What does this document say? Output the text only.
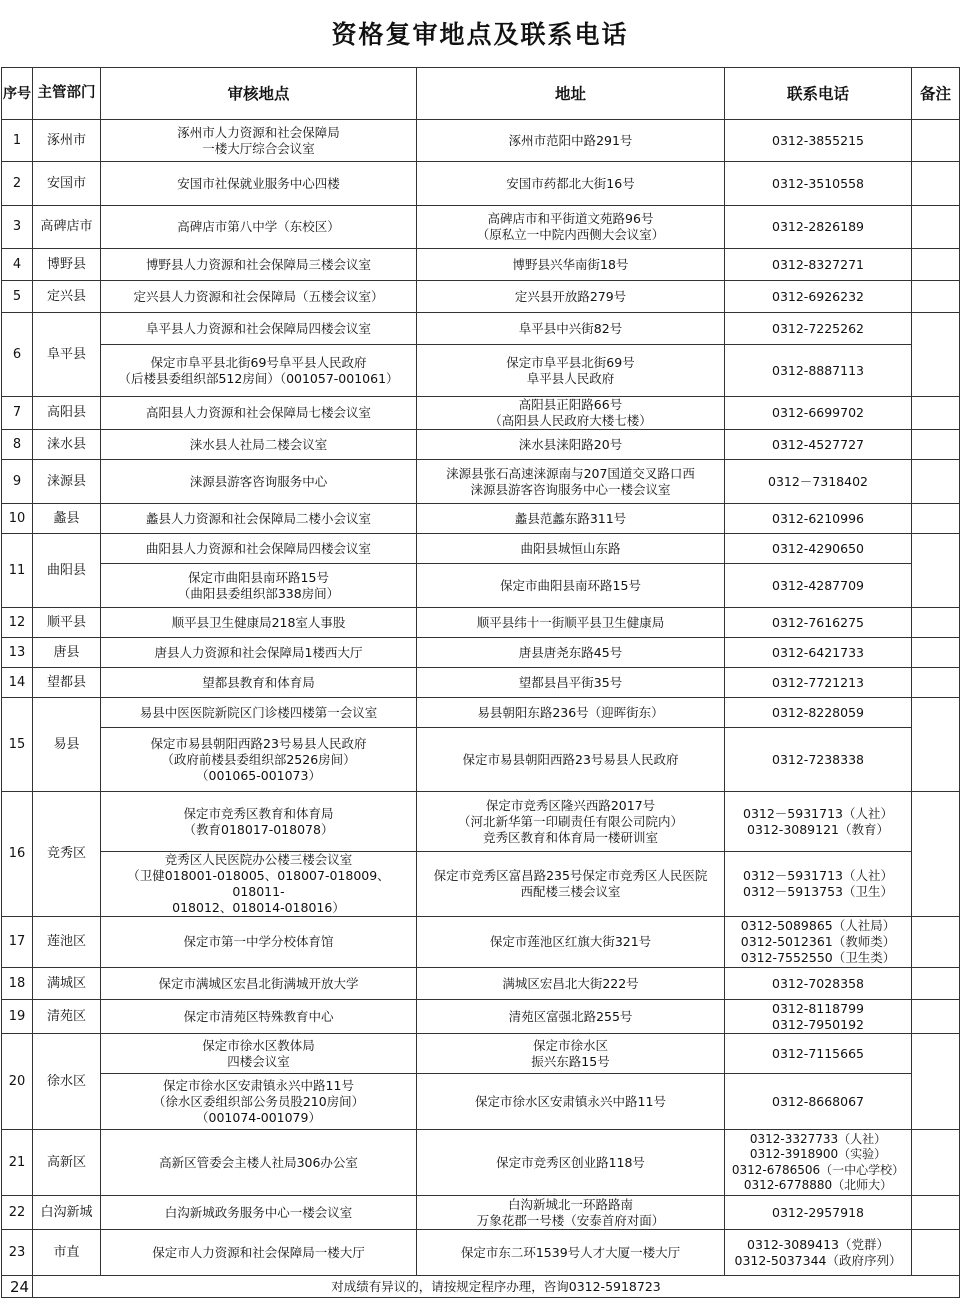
资格复审地点及联系电话
序号	主管部门	审核地点	地址	联系电话	备注
1	涿州市	涿州市人力资源和社会保障局
一楼大厅综合会议室	涿州市范阳中路291号	0312-3855215	
2	安国市	安国市社保就业服务中心四楼	安国市药都北大街16号	0312-3510558	
3	高碑店市	高碑店市第八中学（东校区）	高碑店市和平街道文苑路96号
（原私立一中院内西侧大会议室）	0312-2826189	
4	博野县	博野县人力资源和社会保障局三楼会议室	博野县兴华南街18号	0312-8327271	
5	定兴县	定兴县人力资源和社会保障局（五楼会议室）	定兴县开放路279号	0312-6926232	
6	阜平县	阜平县人力资源和社会保障局四楼会议室	阜平县中兴街82号	0312-7225262	
		保定市阜平县北街69号阜平县人民政府
（后楼县委组织部512房间）（001057-001061）	保定市阜平县北街69号
阜平县人民政府	0312-8887113	
7	高阳县	高阳县人力资源和社会保障局七楼会议室	高阳县正阳路66号
（高阳县人民政府大楼七楼）	0312-6699702	
8	涞水县	涞水县人社局二楼会议室	涞水县涞阳路20号	0312-4527727	
9	涞源县	涞源县游客咨询服务中心	涞源县张石高速涞源南与207国道交叉路口西
涞源县游客咨询服务中心一楼会议室	0312－7318402	
10	蠡县	蠡县人力资源和社会保障局二楼小会议室	蠡县范蠡东路311号	0312-6210996	
11	曲阳县	曲阳县人力资源和社会保障局四楼会议室	曲阳县城恒山东路	0312-4290650	
		保定市曲阳县南环路15号
（曲阳县委组织部338房间）	保定市曲阳县南环路15号	0312-4287709	
12	顺平县	顺平县卫生健康局218室人事股	顺平县纬十一街顺平县卫生健康局	0312-7616275	
13	唐县	唐县人力资源和社会保障局1楼西大厅	唐县唐尧东路45号	0312-6421733	
14	望都县	望都县教育和体育局	望都县昌平街35号	0312-7721213	
15	易县	易县中医医院新院区门诊楼四楼第一会议室	易县朝阳东路236号（迎晖街东）	0312-8228059	
		保定市易县朝阳西路23号易县人民政府
（政府前楼县委组织部2526房间）
（001065-001073）	保定市易县朝阳西路23号易县人民政府	0312-7238338	
16	竞秀区	保定市竞秀区教育和体育局
（教育018017-018078）	保定市竞秀区隆兴西路2017号
（河北新华第一印刷责任有限公司院内）
竞秀区教育和体育局一楼研训室	0312－5931713（人社）
0312-3089121（教育）	
		竞秀区人民医院办公楼三楼会议室
（卫健018001-018005、018007-018009、018011-
018012、018014-018016）	保定市竞秀区富昌路235号保定市竞秀区人民医院
西配楼三楼会议室	0312－5931713（人社）
0312－5913753（卫生）	
17	莲池区	保定市第一中学分校体育馆	保定市莲池区红旗大街321号	0312-5089865（人社局）
0312-5012361（教师类）
0312-7552550（卫生类）	
18	满城区	保定市满城区宏昌北街满城开放大学	满城区宏昌北大街222号	0312-7028358	
19	清苑区	保定市清苑区特殊教育中心	清苑区富强北路255号	0312-8118799
0312-7950192	
20	徐水区	保定市徐水区教体局
四楼会议室	保定市徐水区
振兴东路15号	0312-7115665	
		保定市徐水区安肃镇永兴中路11号
（徐水区委组织部公务员股210房间）
（001074-001079）	保定市徐水区安肃镇永兴中路11号	0312-8668067	
21	高新区	高新区管委会主楼人社局306办公室	保定市竞秀区创业路118号	0312-3327733（人社）
0312-3918900（实验）
0312-6786506（一中心学校）
0312-6778880（北师大）	
22	白沟新城	白沟新城政务服务中心一楼会议室	白沟新城北一环路路南
万象花郡一号楼（安泰首府对面）	0312-2957918	
23	市直	保定市人力资源和社会保障局一楼大厅	保定市东二环1539号人才大厦一楼大厅	0312-3089413（党群）
0312-5037344（政府序列）	
24	对成绩有异议的，请按规定程序办理，咨询0312-5918723				
